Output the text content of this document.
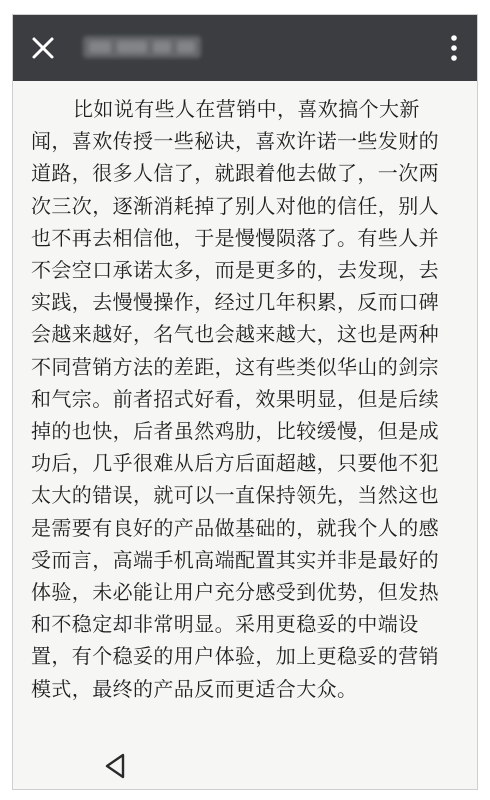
比如说有些人在营销中，喜欢搞个大新
闻，喜欢传授一些秘诀，喜欢许诺一些发财的
道路，很多人信了，就跟着他去做了，一次两
次三次，逐渐消耗掉了别人对他的信任，别人
也不再去相信他，于是慢慢陨落了。有些人并
不会空口承诺太多，而是更多的，去发现，去
实践，去慢慢操作，经过几年积累，反而口碑
会越来越好，名气也会越来越大，这也是两种
不同营销方法的差距，这有些类似华山的剑宗
和气宗。前者招式好看，效果明显，但是后续
掉的也快，后者虽然鸡肋，比较缓慢，但是成
功后，几乎很难从后方后面超越，只要他不犯
太大的错误，就可以一直保持领先，当然这也
是需要有良好的产品做基础的，就我个人的感
受而言，高端手机高端配置其实并非是最好的
体验，未必能让用户充分感受到优势，但发热
和不稳定却非常明显。采用更稳妥的中端设
置，有个稳妥的用户体验，加上更稳妥的营销
模式，最终的产品反而更适合大众。
